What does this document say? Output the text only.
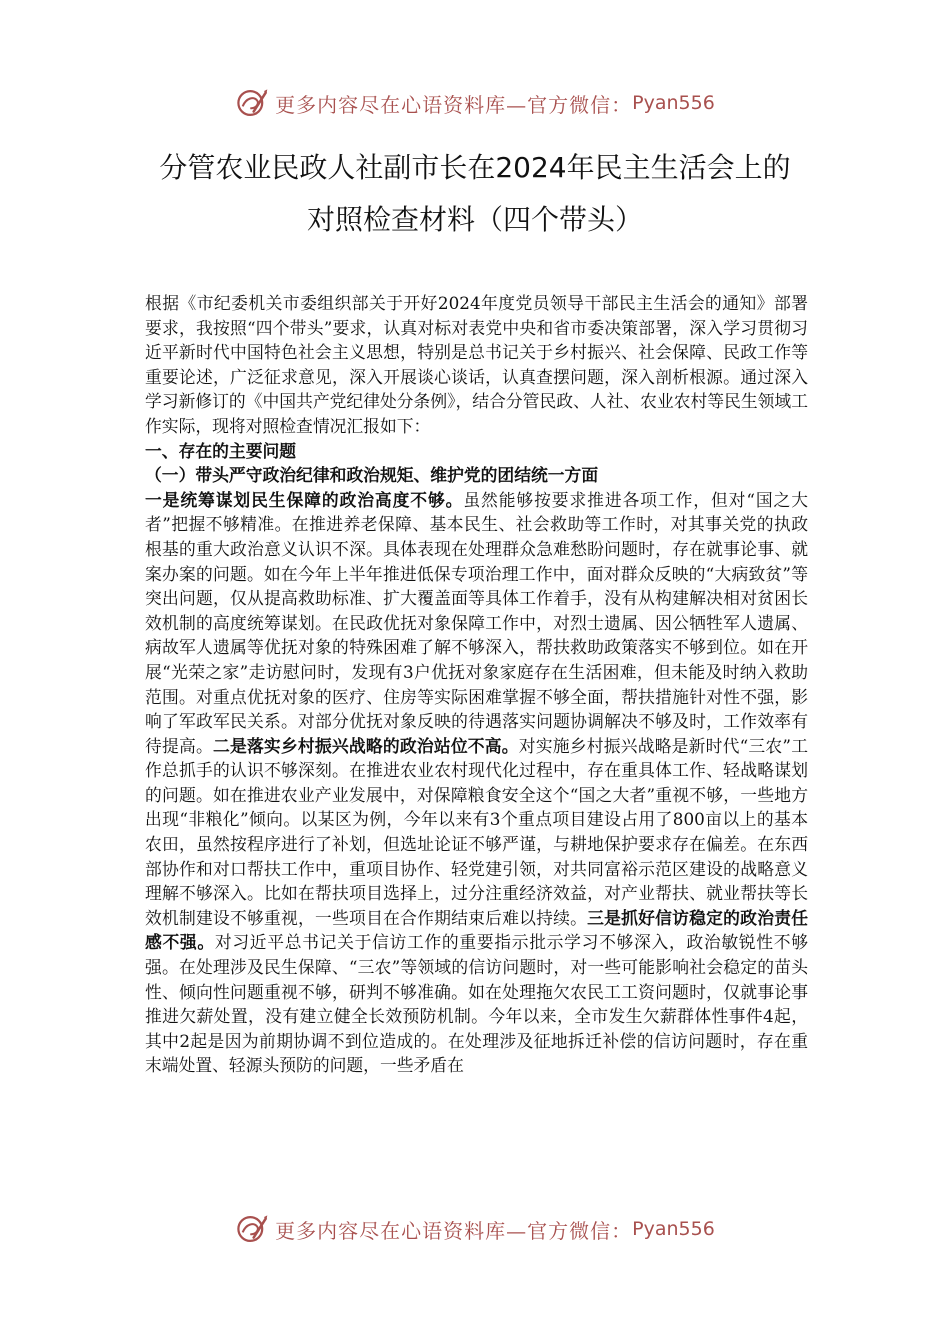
更多内容尽在心语资料库—官方微信： Pyan556
分管农业民政人社副市长在2024年民主生活会上的
对照检查材料（四个带头）

根据《市纪委机关市委组织部关于开好2024年度党员领导干部民主生活会的通知》部署要求，我按照“四个带头”要求，认真对标对表党中央和省市委决策部署，深入学习贯彻习近平新时代中国特色社会主义思想，特别是总书记关于乡村振兴、社会保障、民政工作等重要论述，广泛征求意见，深入开展谈心谈话，认真查摆问题，深入剖析根源。通过深入学习新修订的《中国共产党纪律处分条例》，结合分管民政、人社、农业农村等民生领域工作实际，现将对照检查情况汇报如下：

一、存在的主要问题

（一）带头严守政治纪律和政治规矩、维护党的团结统一方面

一是统筹谋划民生保障的政治高度不够。虽然能够按要求推进各项工作，但对“国之大者”把握不够精准。在推进养老保障、基本民生、社会救助等工作时，对其事关党的执政根基的重大政治意义认识不深。具体表现在处理群众急难愁盼问题时，存在就事论事、就案办案的问题。如在今年上半年推进低保专项治理工作中，面对群众反映的“大病致贫”等突出问题，仅从提高救助标准、扩大覆盖面等具体工作着手，没有从构建解决相对贫困长效机制的高度统筹谋划。在民政优抚对象保障工作中，对烈士遗属、因公牺牲军人遗属、病故军人遗属等优抚对象的特殊困难了解不够深入，帮扶救助政策落实不够到位。如在开展“光荣之家”走访慰问时，发现有3户优抚对象家庭存在生活困难，但未能及时纳入救助范围。对重点优抚对象的医疗、住房等实际困难掌握不够全面，帮扶措施针对性不强，影响了军政军民关系。对部分优抚对象反映的待遇落实问题协调解决不够及时，工作效率有待提高。二是落实乡村振兴战略的政治站位不高。对实施乡村振兴战略是新时代“三农”工作总抓手的认识不够深刻。在推进农业农村现代化过程中，存在重具体工作、轻战略谋划的问题。如在推进农业产业发展中，对保障粮食安全这个“国之大者”重视不够，一些地方出现“非粮化”倾向。以某区为例，今年以来有3个重点项目建设占用了800亩以上的基本农田，虽然按程序进行了补划，但选址论证不够严谨，与耕地保护要求存在偏差。在东西部协作和对口帮扶工作中，重项目协作、轻党建引领，对共同富裕示范区建设的战略意义理解不够深入。比如在帮扶项目选择上，过分注重经济效益，对产业帮扶、就业帮扶等长效机制建设不够重视，一些项目在合作期结束后难以持续。三是抓好信访稳定的政治责任感不强。对习近平总书记关于信访工作的重要指示批示学习不够深入，政治敏锐性不够强。在处理涉及民生保障、“三农”等领域的信访问题时，对一些可能影响社会稳定的苗头性、倾向性问题重视不够，研判不够准确。如在处理拖欠农民工工资问题时，仅就事论事推进欠薪处置，没有建立健全长效预防机制。今年以来，全市发生欠薪群体性事件4起，其中2起是因为前期协调不到位造成的。在处理涉及征地拆迁补偿的信访问题时，存在重末端处置、轻源头预防的问题，一些矛盾在

更多内容尽在心语资料库—官方微信： Pyan556
